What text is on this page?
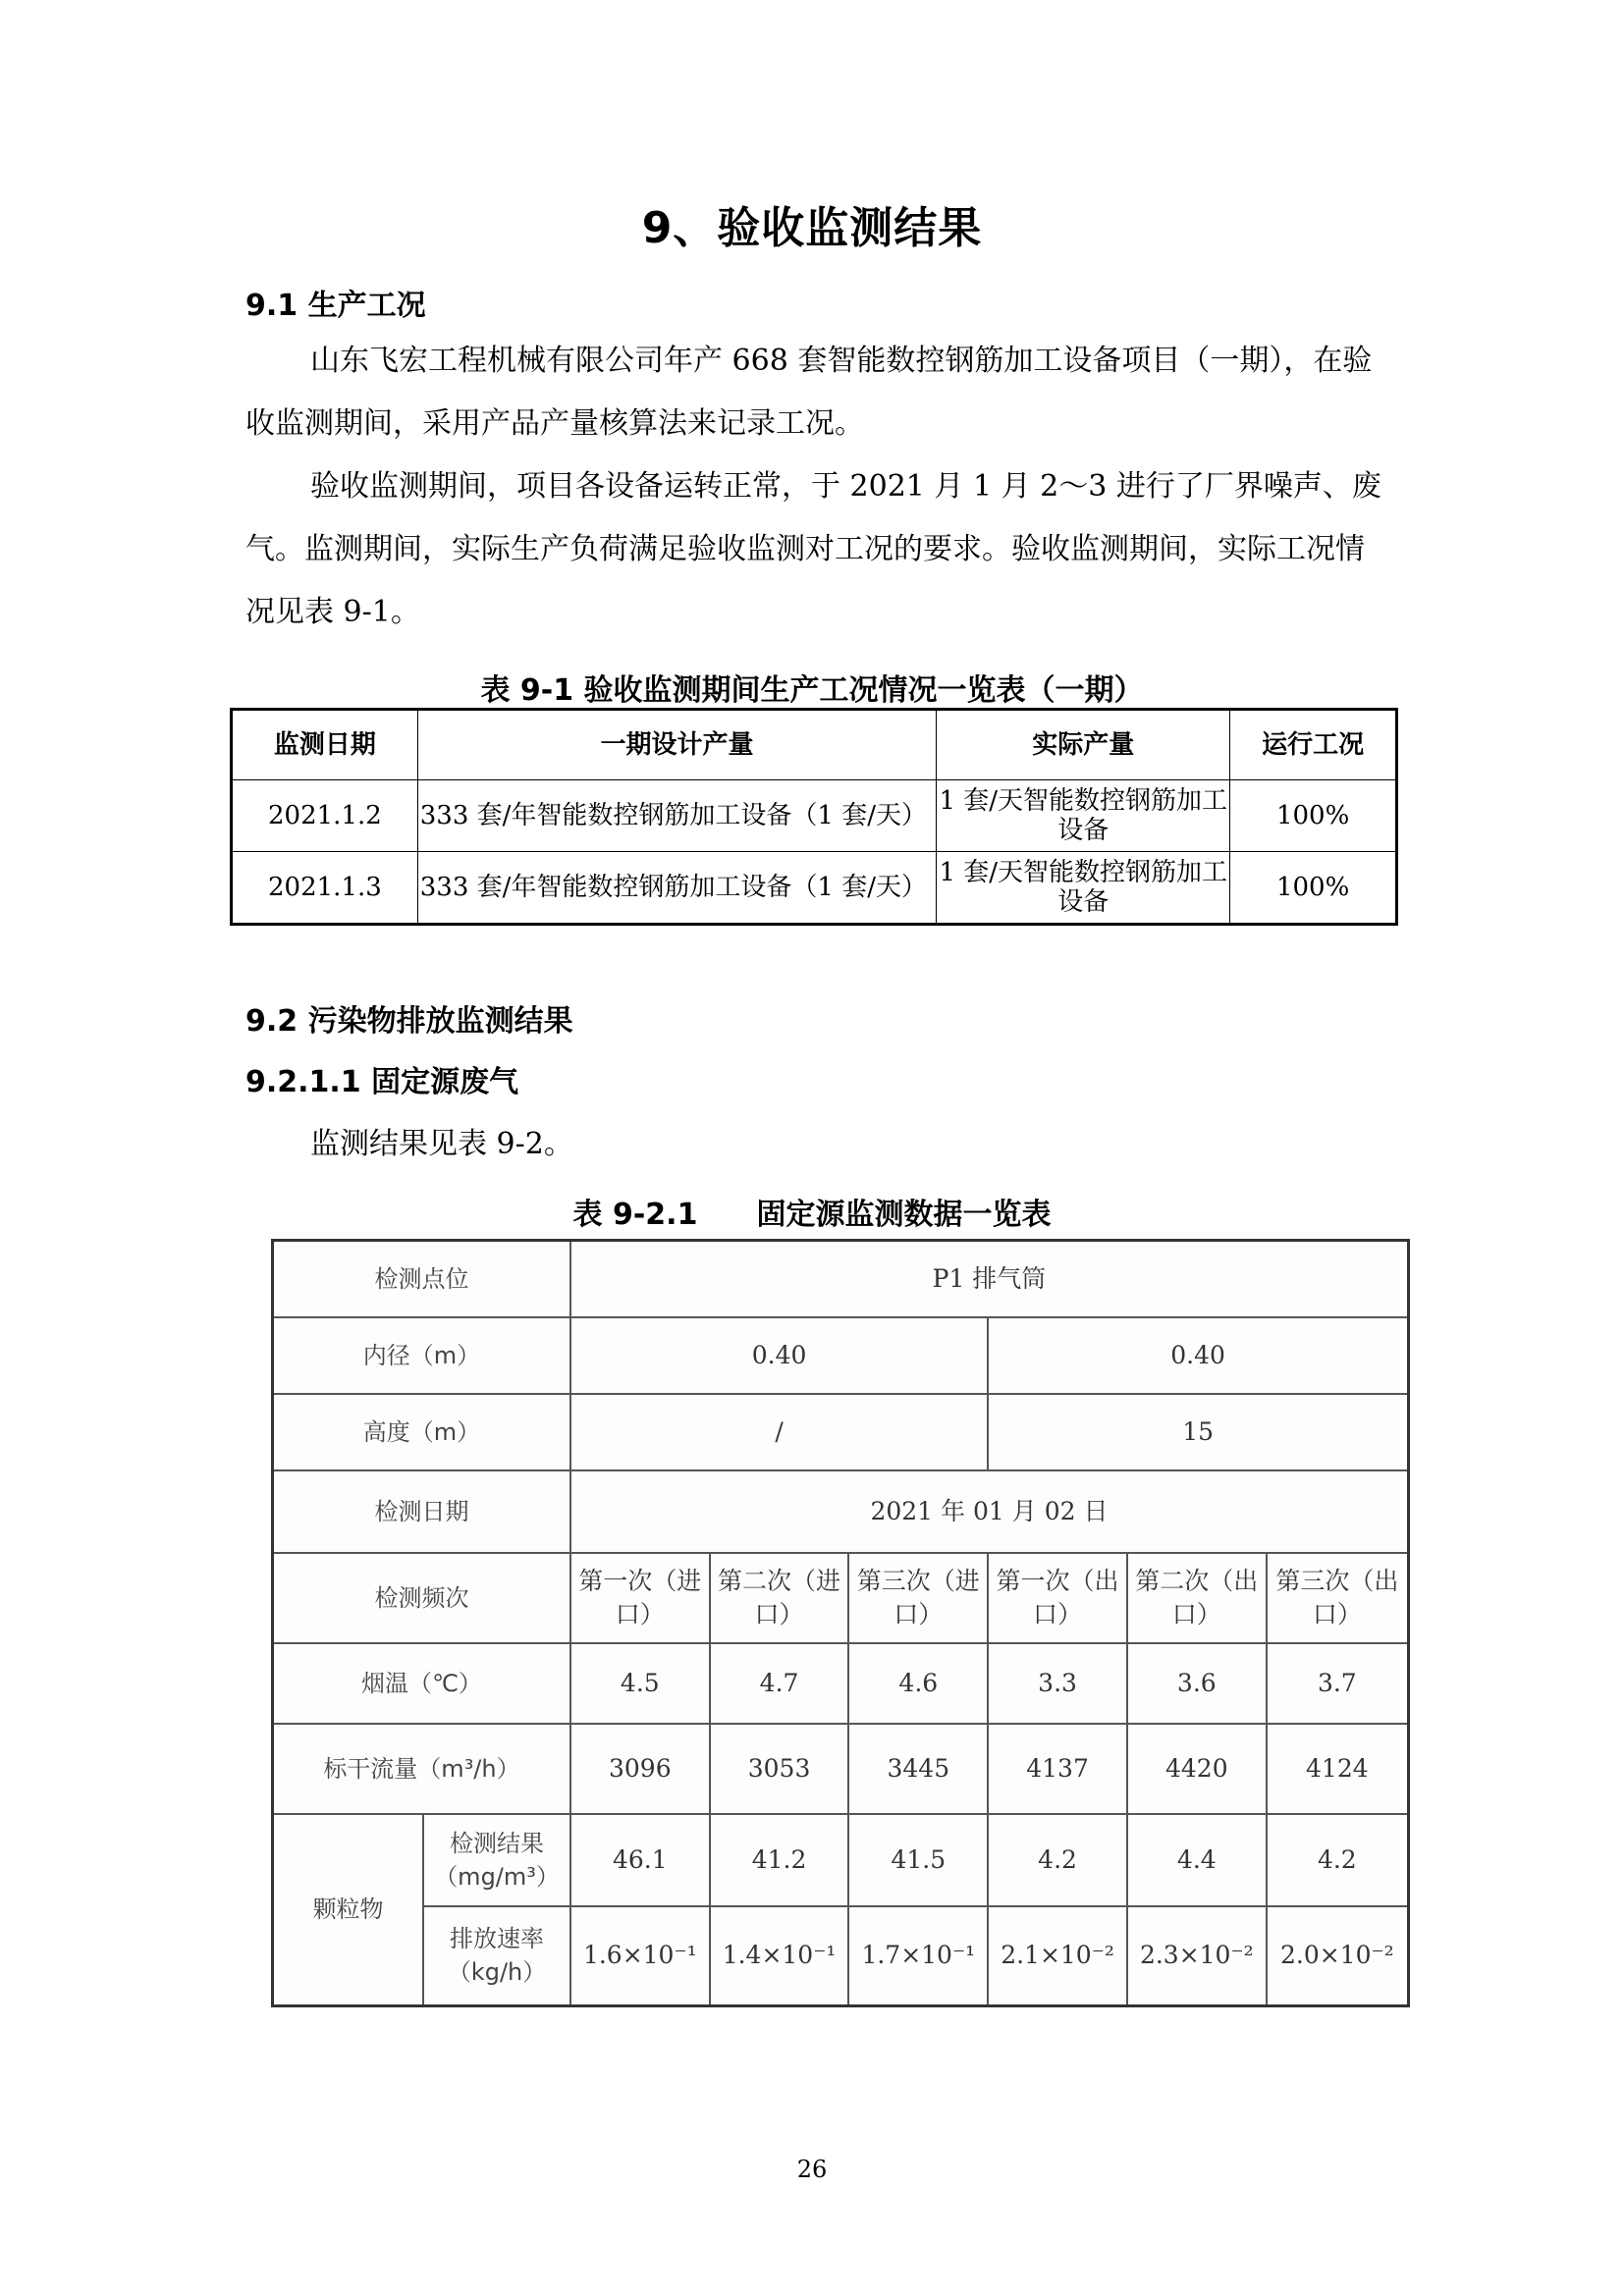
9、验收监测结果
9.1 生产工况

山东飞宏工程机械有限公司年产 668 套智能数控钢筋加工设备项目（一期），在验收监测期间，采用产品产量核算法来记录工况。

验收监测期间，项目各设备运转正常，于 2021 月 1 月 2～3 进行了厂界噪声、废气。监测期间，实际生产负荷满足验收监测对工况的要求。验收监测期间，实际工况情况见表 9-1。

表 9-1 验收监测期间生产工况情况一览表（一期）
监测日期	一期设计产量	实际产量	运行工况
2021.1.2	333 套/年智能数控钢筋加工设备（1 套/天）	1 套/天智能数控钢筋加工设备	100%
2021.1.3	333 套/年智能数控钢筋加工设备（1 套/天）	1 套/天智能数控钢筋加工设备	100%
9.2 污染物排放监测结果
9.2.1.1 固定源废气

监测结果见表 9-2。

表 9-2.1　　固定源监测数据一览表
检测点位		P1 排气筒					
内径（m）		0.40			0.40		
高度（m）		/			15		
检测日期		2021 年 01 月 02 日					
检测频次		第一次（进口）	第二次（进口）	第三次（进口）	第一次（出口）	第二次（出口）	第三次（出口）
烟温（℃）		4.5	4.7	4.6	3.3	3.6	3.7
标干流量（m³/h）		3096	3053	3445	4137	4420	4124
颗粒物	检测结果（mg/m³）	46.1	41.2	41.5	4.2	4.4	4.2
	排放速率（kg/h）	1.6×10⁻¹	1.4×10⁻¹	1.7×10⁻¹	2.1×10⁻²	2.3×10⁻²	2.0×10⁻²
26
